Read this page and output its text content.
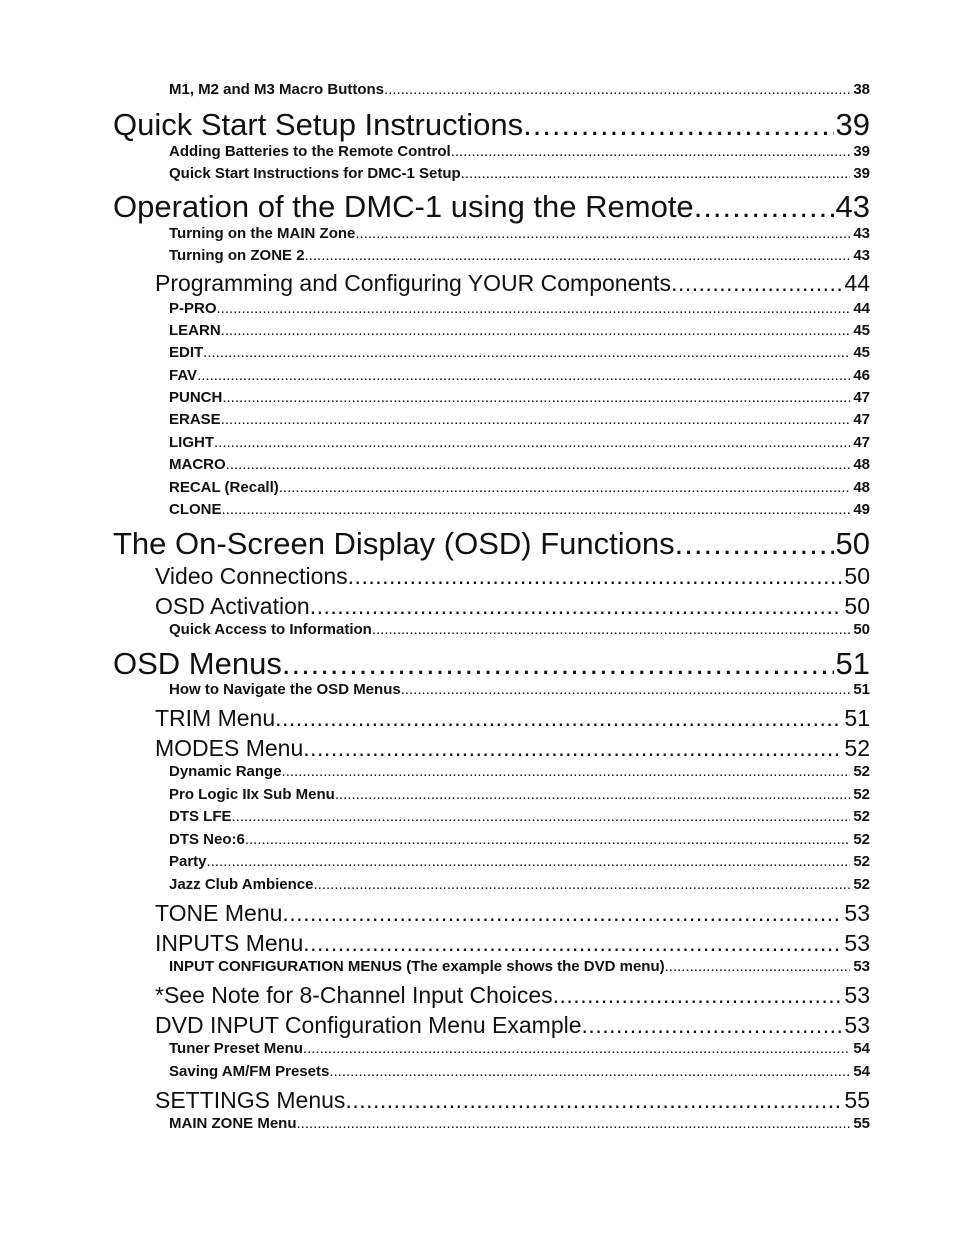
M1, M2 and M3 Macro Buttons .....	38
Quick Start Setup Instructions .....	39
Adding Batteries to the Remote Control .....	39
Quick Start Instructions for DMC-1 Setup .....	39
Operation of the DMC-1 using the Remote .....	43
Turning on the MAIN Zone .....	43
Turning on ZONE 2 .....	43
Programming and Configuring YOUR Components .....	44
P-PRO .....	44
LEARN .....	45
EDIT .....	45
FAV .....	46
PUNCH .....	47
ERASE .....	47
LIGHT .....	47
MACRO .....	48
RECAL (Recall) .....	48
CLONE .....	49
The On-Screen Display (OSD) Functions .....	50
Video Connections .....	50
OSD Activation .....	50
Quick Access to Information .....	50
OSD Menus .....	51
How to Navigate the OSD Menus .....	51
TRIM Menu .....	51
MODES Menu .....	52
Dynamic Range .....	52
Pro Logic IIx Sub Menu .....	52
DTS LFE .....	52
DTS Neo:6 .....	52
Party .....	52
Jazz Club Ambience .....	52
TONE Menu .....	53
INPUTS Menu .....	53
INPUT CONFIGURATION MENUS (The example shows the DVD menu) .....	53
*See Note for 8-Channel Input Choices .....	53
DVD INPUT Configuration Menu Example .....	53
Tuner Preset Menu .....	54
Saving AM/FM Presets .....	54
SETTINGS Menus .....	55
MAIN ZONE Menu .....	55
